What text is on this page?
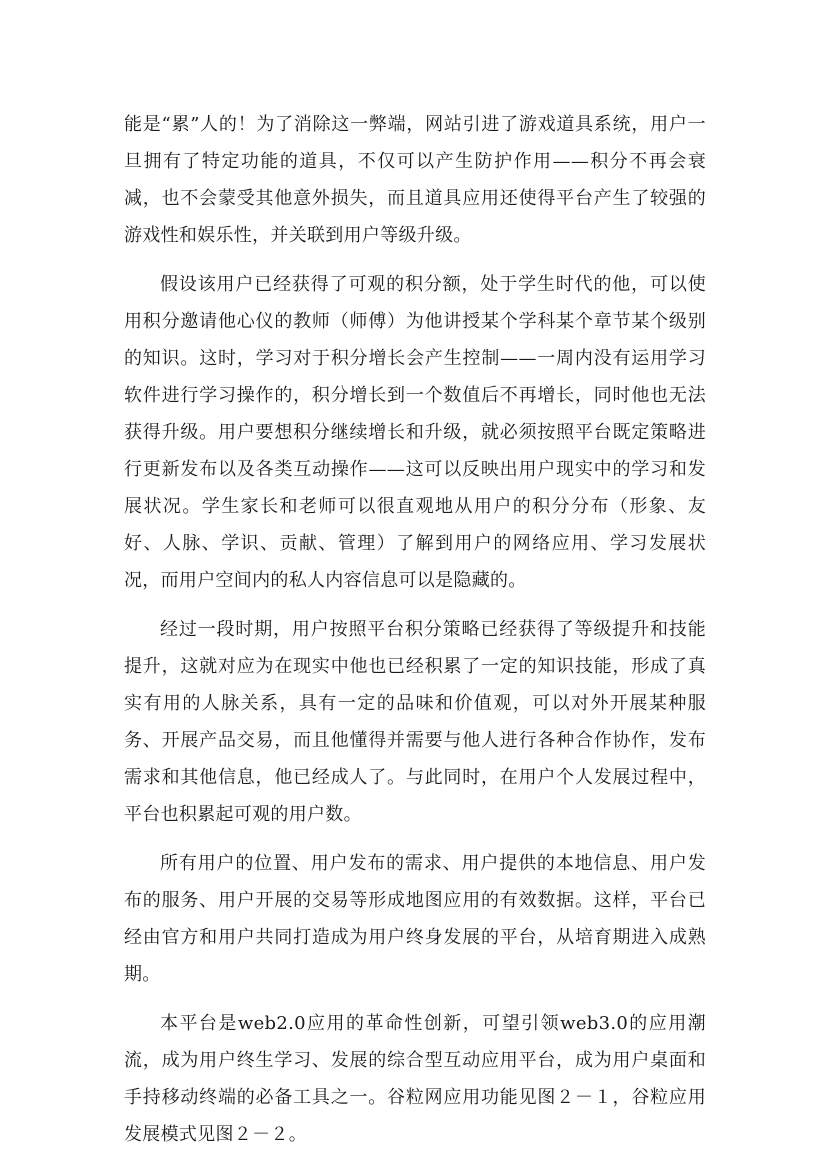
能是“累”人的！为了消除这一弊端，网站引进了游戏道具系统，用户一旦拥有了特定功能的道具，不仅可以产生防护作用——积分不再会衰减，也不会蒙受其他意外损失，而且道具应用还使得平台产生了较强的游戏性和娱乐性，并关联到用户等级升级。

假设该用户已经获得了可观的积分额，处于学生时代的他，可以使用积分邀请他心仪的教师（师傅）为他讲授某个学科某个章节某个级别的知识。这时，学习对于积分增长会产生控制——一周内没有运用学习软件进行学习操作的，积分增长到一个数值后不再增长，同时他也无法获得升级。用户要想积分继续增长和升级，就必须按照平台既定策略进行更新发布以及各类互动操作——这可以反映出用户现实中的学习和发展状况。学生家长和老师可以很直观地从用户的积分分布（形象、友好、人脉、学识、贡献、管理）了解到用户的网络应用、学习发展状况，而用户空间内的私人内容信息可以是隐藏的。

经过一段时期，用户按照平台积分策略已经获得了等级提升和技能提升，这就对应为在现实中他也已经积累了一定的知识技能，形成了真实有用的人脉关系，具有一定的品味和价值观，可以对外开展某种服务、开展产品交易，而且他懂得并需要与他人进行各种合作协作，发布需求和其他信息，他已经成人了。与此同时，在用户个人发展过程中，平台也积累起可观的用户数。

所有用户的位置、用户发布的需求、用户提供的本地信息、用户发布的服务、用户开展的交易等形成地图应用的有效数据。这样，平台已经由官方和用户共同打造成为用户终身发展的平台，从培育期进入成熟期。

本平台是web2.0应用的革命性创新，可望引领web3.0的应用潮流，成为用户终生学习、发展的综合型互动应用平台，成为用户桌面和手持移动终端的必备工具之一。谷粒网应用功能见图２－１，谷粒应用发展模式见图２－２。
